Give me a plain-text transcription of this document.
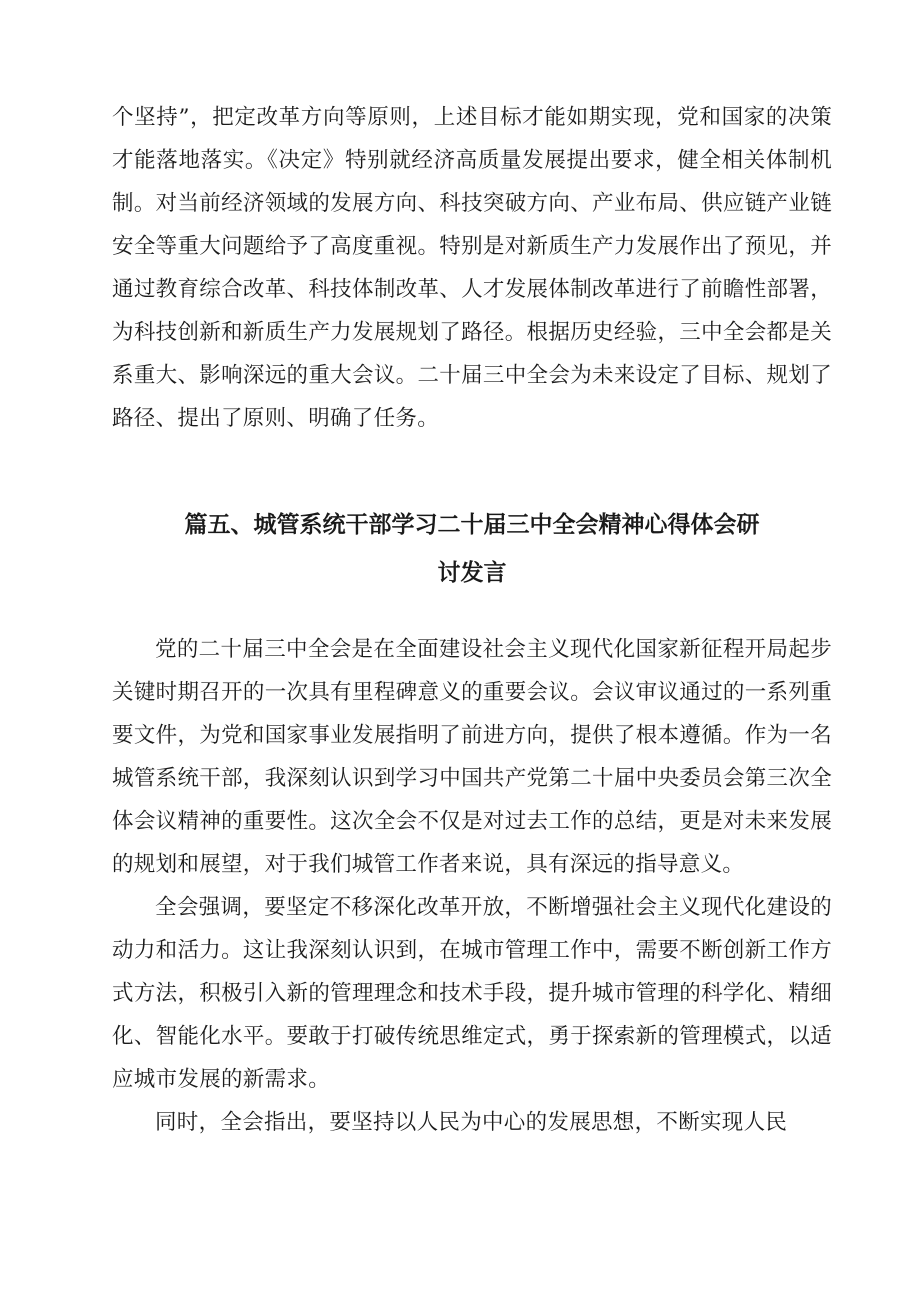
个坚持”，把定改革方向等原则，上述目标才能如期实现，党和国家的决策才能落地落实。《决定》特别就经济高质量发展提出要求，健全相关体制机制。对当前经济领域的发展方向、科技突破方向、产业布局、供应链产业链安全等重大问题给予了高度重视。特别是对新质生产力发展作出了预见，并通过教育综合改革、科技体制改革、人才发展体制改革进行了前瞻性部署，为科技创新和新质生产力发展规划了路径。根据历史经验，三中全会都是关系重大、影响深远的重大会议。二十届三中全会为未来设定了目标、规划了路径、提出了原则、明确了任务。

篇五、城管系统干部学习二十届三中全会精神心得体会研
讨发言

党的二十届三中全会是在全面建设社会主义现代化国家新征程开局起步关键时期召开的一次具有里程碑意义的重要会议。会议审议通过的一系列重要文件，为党和国家事业发展指明了前进方向，提供了根本遵循。作为一名城管系统干部，我深刻认识到学习中国共产党第二十届中央委员会第三次全体会议精神的重要性。这次全会不仅是对过去工作的总结，更是对未来发展的规划和展望，对于我们城管工作者来说，具有深远的指导意义。

全会强调，要坚定不移深化改革开放，不断增强社会主义现代化建设的动力和活力。这让我深刻认识到，在城市管理工作中，需要不断创新工作方式方法，积极引入新的管理理念和技术手段，提升城市管理的科学化、精细化、智能化水平。要敢于打破传统思维定式，勇于探索新的管理模式，以适应城市发展的新需求。

同时，全会指出，要坚持以人民为中心的发展思想，不断实现人民
